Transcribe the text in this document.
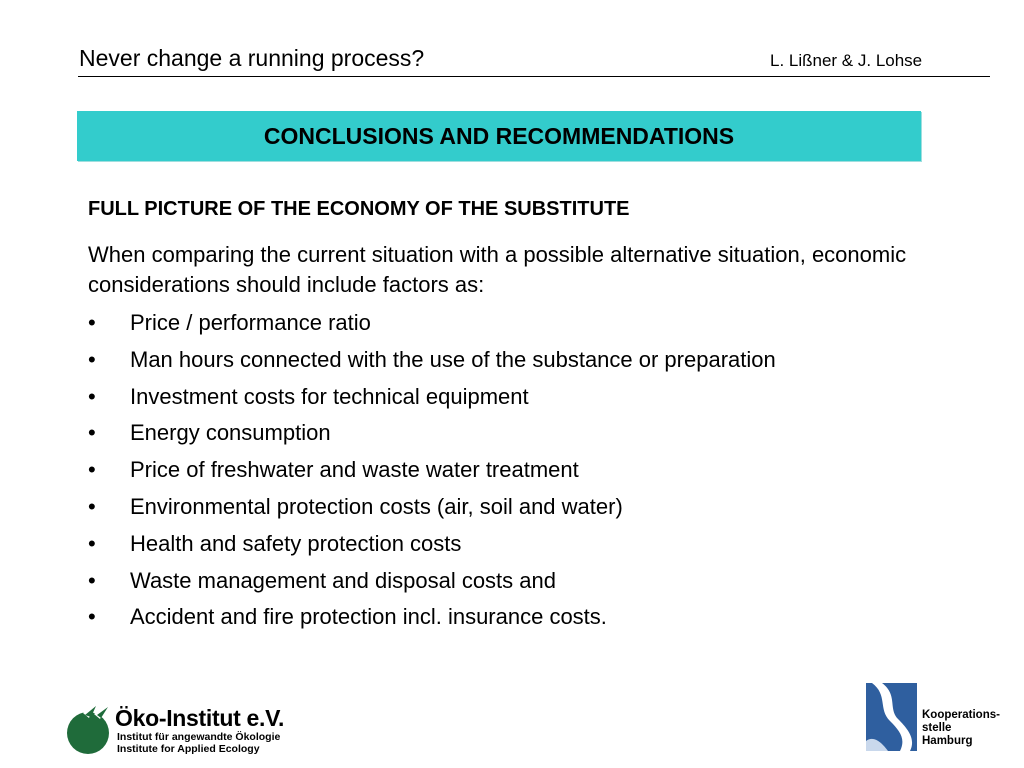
Never change a running process?	L. Lißner & J. Lohse
CONCLUSIONS AND RECOMMENDATIONS
FULL PICTURE OF THE ECONOMY OF THE SUBSTITUTE
When comparing the current situation with a possible alternative situation, economic considerations should include factors as:
• Price / performance ratio
• Man hours connected with the use of the substance or preparation
• Investment costs for technical equipment
• Energy consumption
• Price of freshwater and waste water treatment
• Environmental protection costs (air, soil and water)
• Health and safety protection costs
• Waste management and disposal costs and
• Accident and fire protection incl. insurance costs.
Öko-Institut e.V.
Institut für angewandte Ökologie
Institute for Applied Ecology
Kooperations-
stelle
Hamburg
